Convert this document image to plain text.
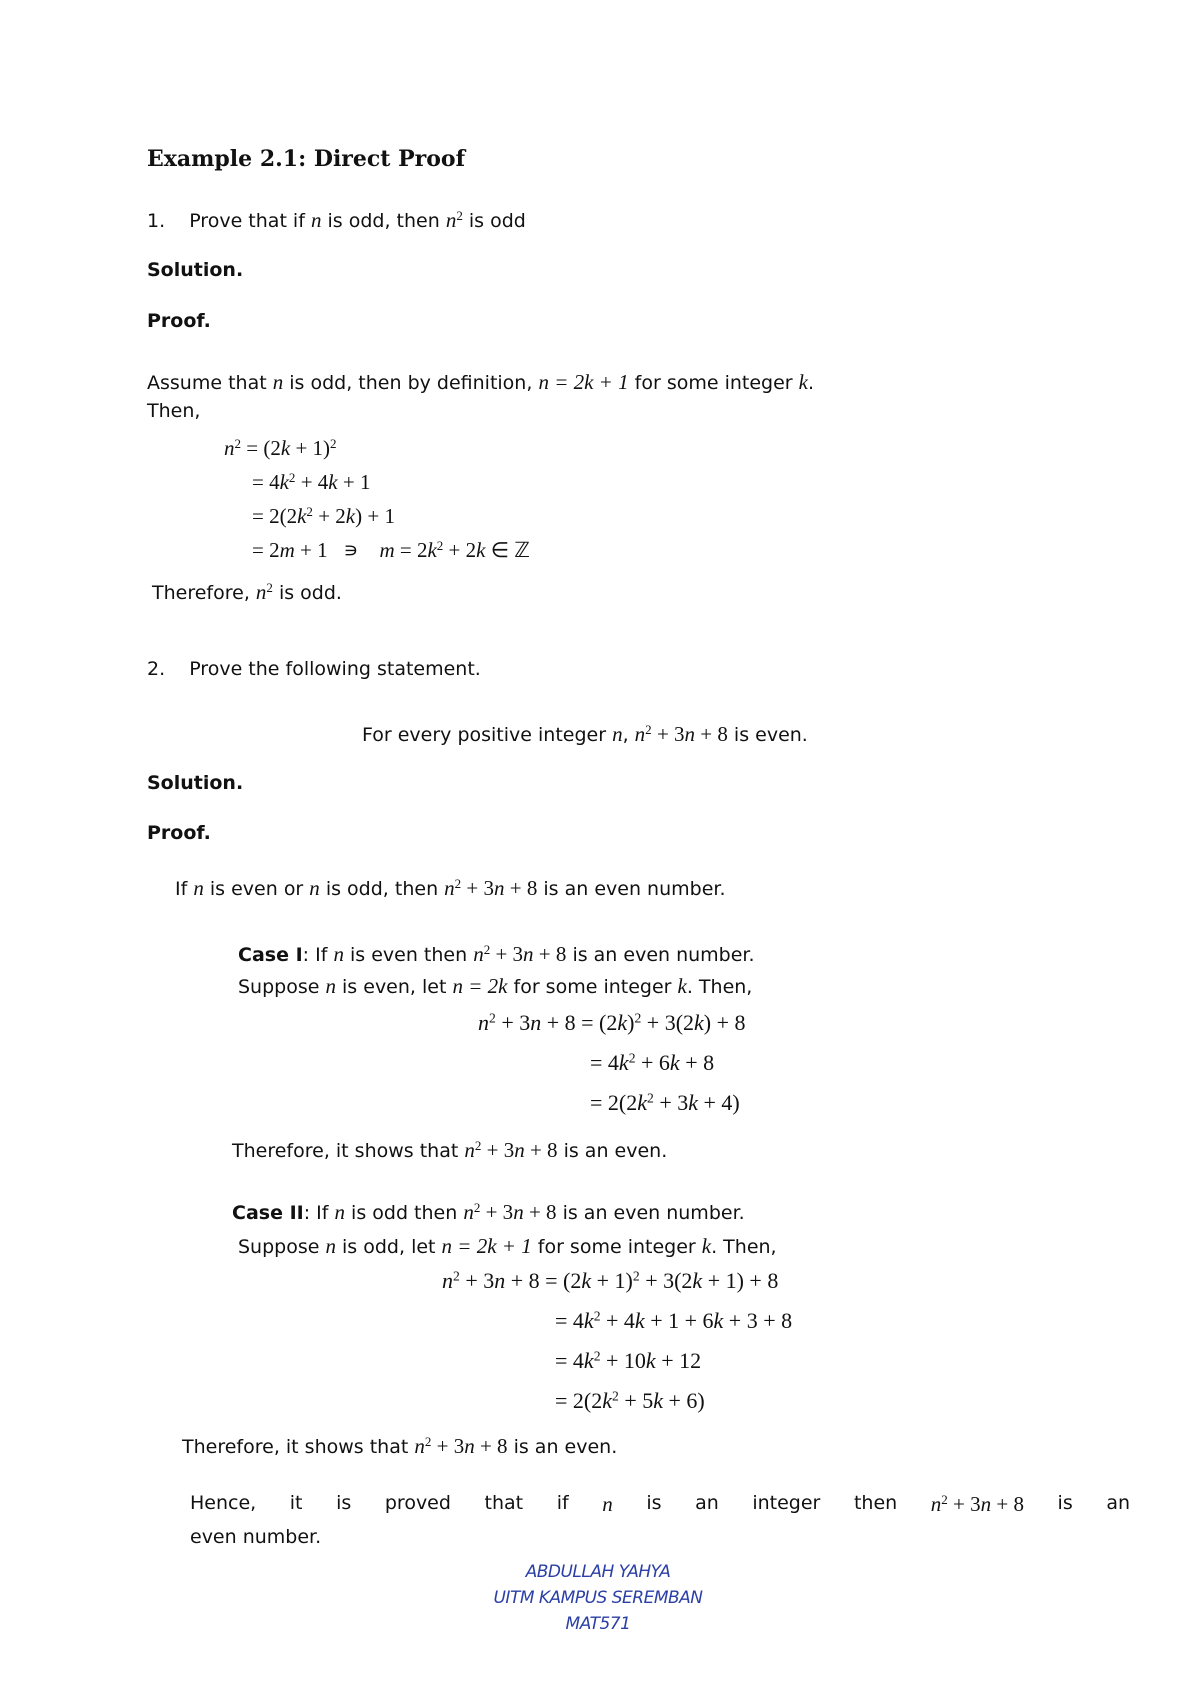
Example 2.1: Direct Proof
1. Prove that if n is odd, then $n^2$ is odd
Solution.
Proof.
Assume that n is odd, then by definition, n = 2k + 1 for some integer k.
Then,
$n^2 = (2k + 1)^2$
= $4k^2 + 4k + 1$
= $2(2k^2 + 2k) + 1$
= 2m + 1   ∍    $m = 2k^2 + 2k$ ∈ ℤ
Therefore, $n^2$ is odd.
2. Prove the following statement.
For every positive integer n, $n^2 + 3n + 8$ is even.
Solution.
Proof.
If n is even or n is odd, then $n^2 + 3n + 8$ is an even number.
Case I: If n is even then $n^2 + 3n + 8$ is an even number.
Suppose n is even, let n = 2k for some integer k. Then,
$n^2 + 3n + 8 = (2k)^2 + 3(2k) + 8$
= $4k^2 + 6k + 8$
= $2(2k^2 + 3k + 4)$
Therefore, it shows that $n^2 + 3n + 8$ is an even.
Case II: If n is odd then $n^2 + 3n + 8$ is an even number.
Suppose n is odd, let n = 2k + 1 for some integer k. Then,
$n^2 + 3n + 8 = (2k + 1)^2 + 3(2k + 1) + 8$
= $4k^2 + 4k + 1 + 6k + 3 + 8$
= $4k^2 + 10k + 12$
= $2(2k^2 + 5k + 6)$
Therefore, it shows that $n^2 + 3n + 8$ is an even.
Hence, it is proved that if n is an integer then $n^2 + 3n + 8$ is an
even number.
ABDULLAH YAHYA
UITM KAMPUS SEREMBAN
MAT571
